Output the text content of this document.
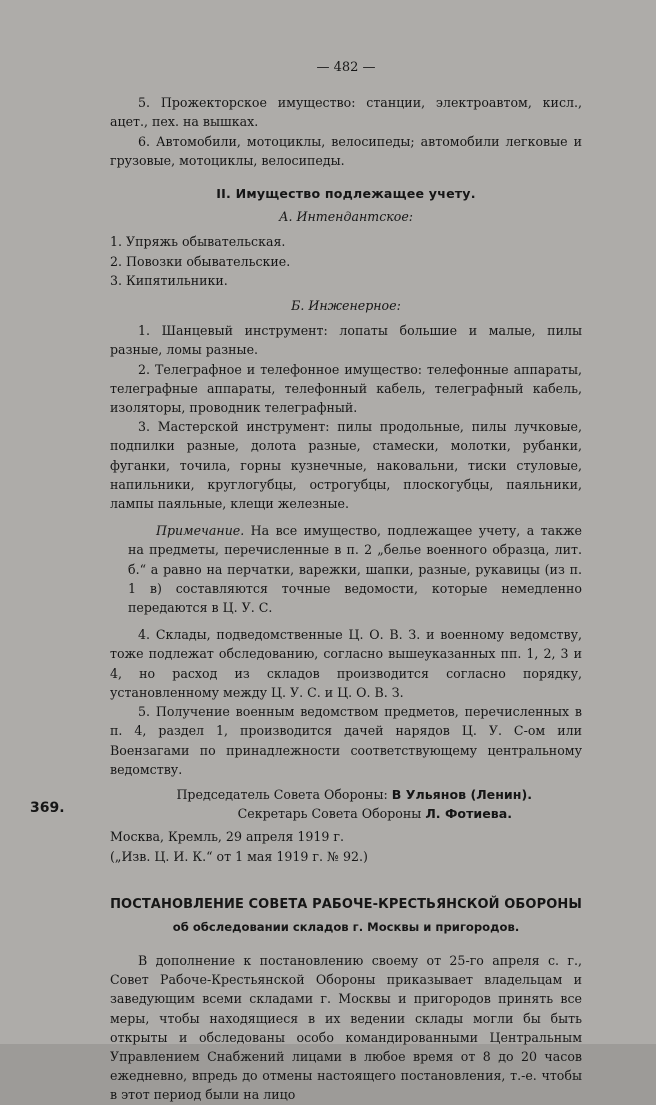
— 482 —

5. Прожекторское имущество: станции, электроавтом, кисл., ацет., пех. на вышках.

6. Автомобили, мотоциклы, велосипеды; автомобили легковые и грузовые, мотоциклы, велосипеды.

II. Имущество подлежащее учету.

А. Интендантское:

1. Упряжь обывательская.

2. Повозки обывательские.

3. Кипятильники.

Б. Инженерное:

1. Шанцевый инструмент: лопаты большие и малые, пилы разные, ломы разные.

2. Телеграфное и телефонное имущество: телефонные аппараты, телеграфные аппараты, телефонный кабель, телеграфный кабель, изоляторы, проводник телеграфный.

3. Мастерской инструмент: пилы продольные, пилы лучковые, подпилки разные, долота разные, стамески, молотки, рубанки, фуганки, точила, горны кузнечные, наковальни, тиски стуловые, напильники, круглогубцы, острогубцы, плоскогубцы, паяльники, лампы паяльные, клещи железные.

Примечание. На все имущество, подлежащее учету, а также на предметы, перечисленные в п. 2 „белье военного образца, лит. б.“ а равно на перчатки, варежки, шапки, разные, рукавицы (из п. 1 в) составляются точные ведомости, которые немедленно передаются в Ц. У. С.

4. Склады, подведомственные Ц. О. В. З. и военному ведомству, тоже подлежат обследованию, согласно вышеуказанных пп. 1, 2, 3 и 4, но расход из складов производится согласно порядку, установленному между Ц. У. С. и Ц. О. В. З.

5. Получение военным ведомством предметов, перечисленных в п. 4, раздел 1, производится дачей нарядов Ц. У. С-ом или Воензагами по принадлежности соответствующему центральному ведомству.

Председатель Совета Обороны: В Ульянов (Ленин).

Секретарь Совета Обороны Л. Фотиева.

Москва, Кремль, 29 апреля 1919 г.

(„Изв. Ц. И. К.“ от 1 мая 1919 г. № 92.)

ПОСТАНОВЛЕНИЕ СОВЕТА РАБОЧЕ-КРЕСТЬЯНСКОЙ ОБОРОНЫ

об обследовании складов г. Москвы и пригородов.

В дополнение к постановлению своему от 25-го апреля с. г., Совет Рабоче-Крестьянской Обороны приказывает владельцам и заведующим всеми складами г. Москвы и пригородов принять все меры, чтобы находящиеся в их ведении склады могли бы быть открыты и обследованы особо командированными Центральным Управлением Снабжений лицами в любое время от 8 до 20 часов ежедневно, впредь до отмены настоящего постановления, т.-е. чтобы в этот период были на лицо

369.
